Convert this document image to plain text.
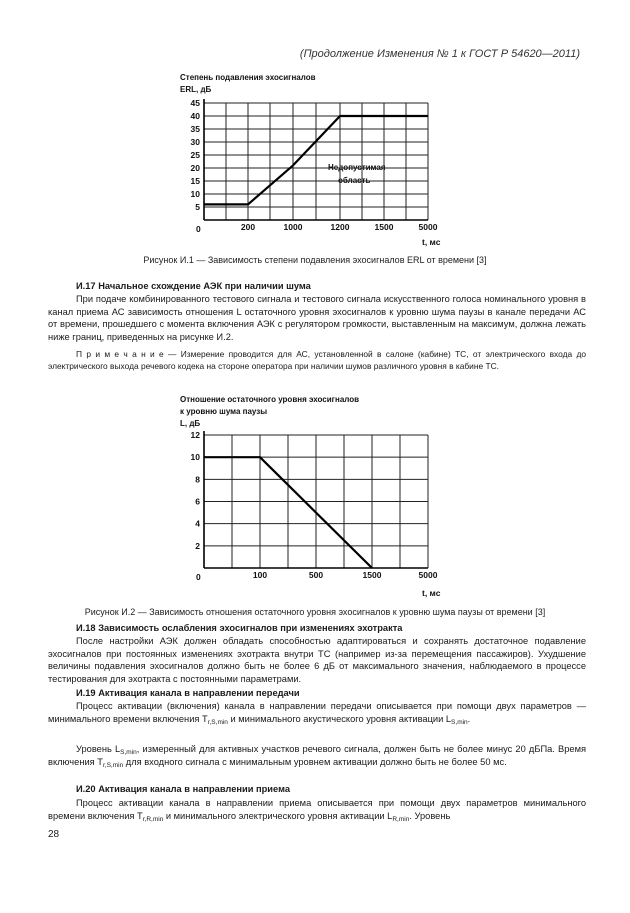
(Продолжение Изменения № 1 к ГОСТ Р 54620—2011)
Степень подавления эхосигналов
ERL, дБ
0
t, мс
Недопустимая
область
5
10
15
20
25
30
35
40
45
200	1000	1200	1500	5000
Рисунок И.1 — Зависимость степени подавления эхосигналов ERL от времени [3]
И.17 Начальное схождение АЭК при наличии шума
При подаче комбинированного тестового сигнала и тестового сигнала искусственного голоса номинального уровня в канал приема АС зависимость отношения L остаточного уровня эхосигналов к уровню шума паузы в канале передачи АС от времени, прошедшего с момента включения АЭК с регулятором громкости, выставленным на максимум, должна лежать ниже границ, приведенных на рисунке И.2.
П р и м е ч а н и е — Измерение проводится для АС, установленной в салоне (кабине) ТС, от электрического входа до электрического выхода речевого кодека на стороне оператора при наличии шумов различного уровня в кабине ТС.
Отношение остаточного уровня эхосигналов
к уровню шума паузы
L, дБ
0
t, мс
2
4
6
8
10
12
100	500	1500	5000
Рисунок И.2 — Зависимость отношения остаточного уровня эхосигналов к уровню шума паузы от времени [3]
И.18 Зависимость ослабления эхосигналов при изменениях эхотракта
После настройки АЭК должен обладать способностью адаптироваться и сохранять достаточное подавление эхосигналов при постоянных изменениях эхотракта внутри ТС (например из-за перемещения пассажиров). Ухудшение величины подавления эхосигналов должно быть не более 6 дБ от максимального значения, наблюдаемого в процессе тестирования для эхотракта с постоянными параметрами.
И.19 Активация канала в направлении передачи
Процесс активации (включения) канала в направлении передачи описывается при помощи двух параметров — минимального времени включения $T_{r,S,min}$ и минимального акустического уровня активации $L_{S,min}$.
Уровень $L_{S,min}$, измеренный для активных участков речевого сигнала, должен быть не более минус 20 дБПа. Время включения $T_{r,S,min}$ для входного сигнала с минимальным уровнем активации должно быть не более 50 мс.
И.20 Активация канала в направлении приема
Процесс активации канала в направлении приема описывается при помощи двух параметров минимального времени включения $T_{r,R,min}$ и минимального электрического уровня активации $L_{R,min}$. Уровень
28
